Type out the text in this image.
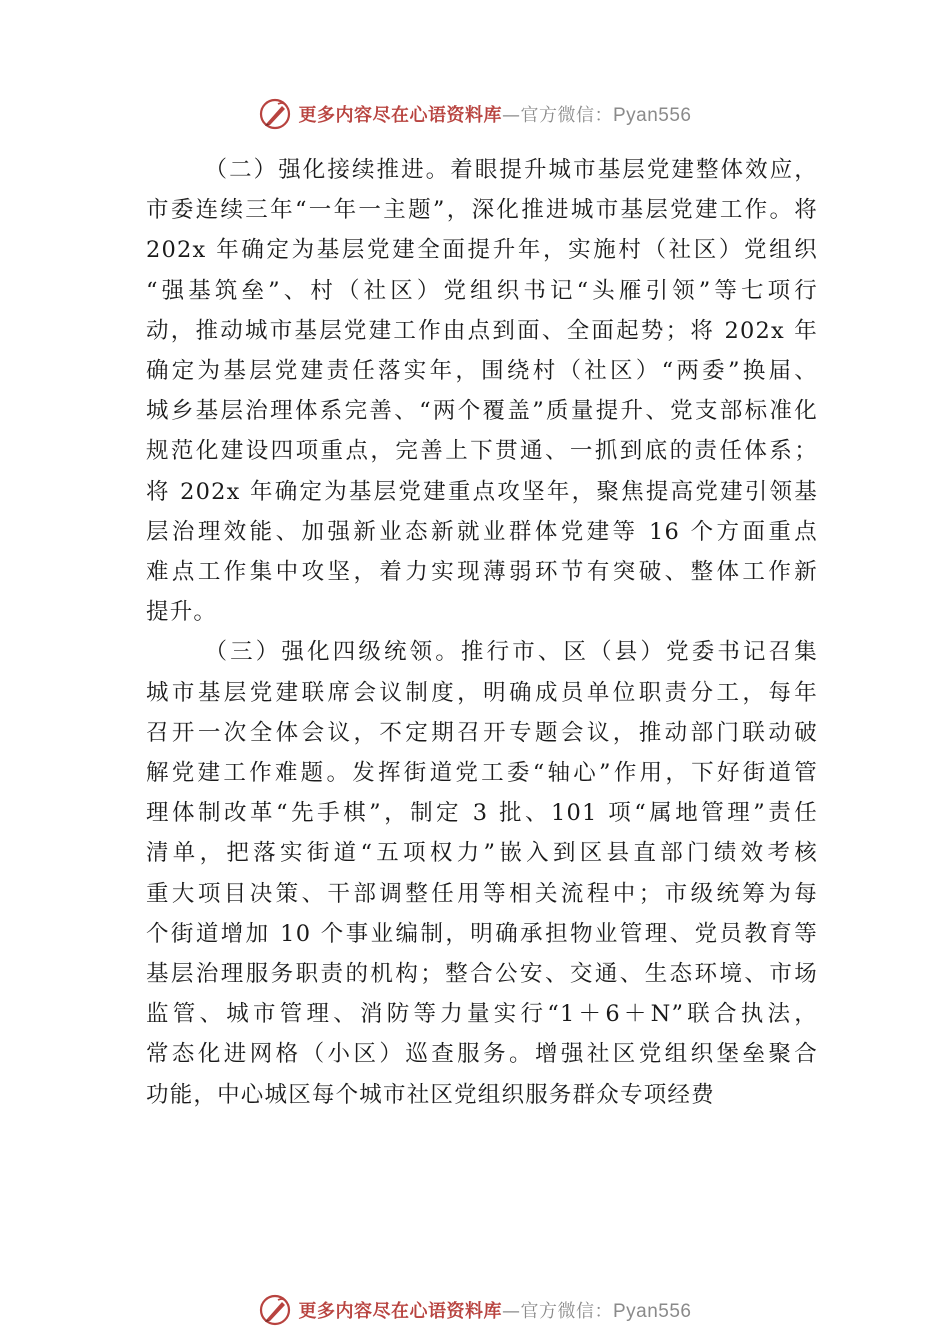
更多内容尽在心语资料库—官方微信：Pyan556

（二）强化接续推进。着眼提升城市基层党建整体效应，
市委连续三年“一年一主题”，深化推进城市基层党建工作。将
202x 年确定为基层党建全面提升年，实施村（社区）党组织
“强基筑垒”、村（社区）党组织书记“头雁引领”等七项行
动，推动城市基层党建工作由点到面、全面起势；将 202x 年
确定为基层党建责任落实年，围绕村（社区）“两委”换届、
城乡基层治理体系完善、“两个覆盖”质量提升、党支部标准化
规范化建设四项重点，完善上下贯通、一抓到底的责任体系；
将 202x 年确定为基层党建重点攻坚年，聚焦提高党建引领基
层治理效能、加强新业态新就业群体党建等 16 个方面重点
难点工作集中攻坚，着力实现薄弱环节有突破、整体工作新
提升。

（三）强化四级统领。推行市、区（县）党委书记召集
城市基层党建联席会议制度，明确成员单位职责分工，每年
召开一次全体会议，不定期召开专题会议，推动部门联动破
解党建工作难题。发挥街道党工委“轴心”作用，下好街道管
理体制改革“先手棋”，制定 3 批、101 项“属地管理”责任
清单，把落实街道“五项权力”嵌入到区县直部门绩效考核
重大项目决策、干部调整任用等相关流程中；市级统筹为每
个街道增加 10 个事业编制，明确承担物业管理、党员教育等
基层治理服务职责的机构；整合公安、交通、生态环境、市场
监管、城市管理、消防等力量实行“1＋6＋N”联合执法，
常态化进网格（小区）巡查服务。增强社区党组织堡垒聚合
功能，中心城区每个城市社区党组织服务群众专项经费

更多内容尽在心语资料库—官方微信：Pyan556
